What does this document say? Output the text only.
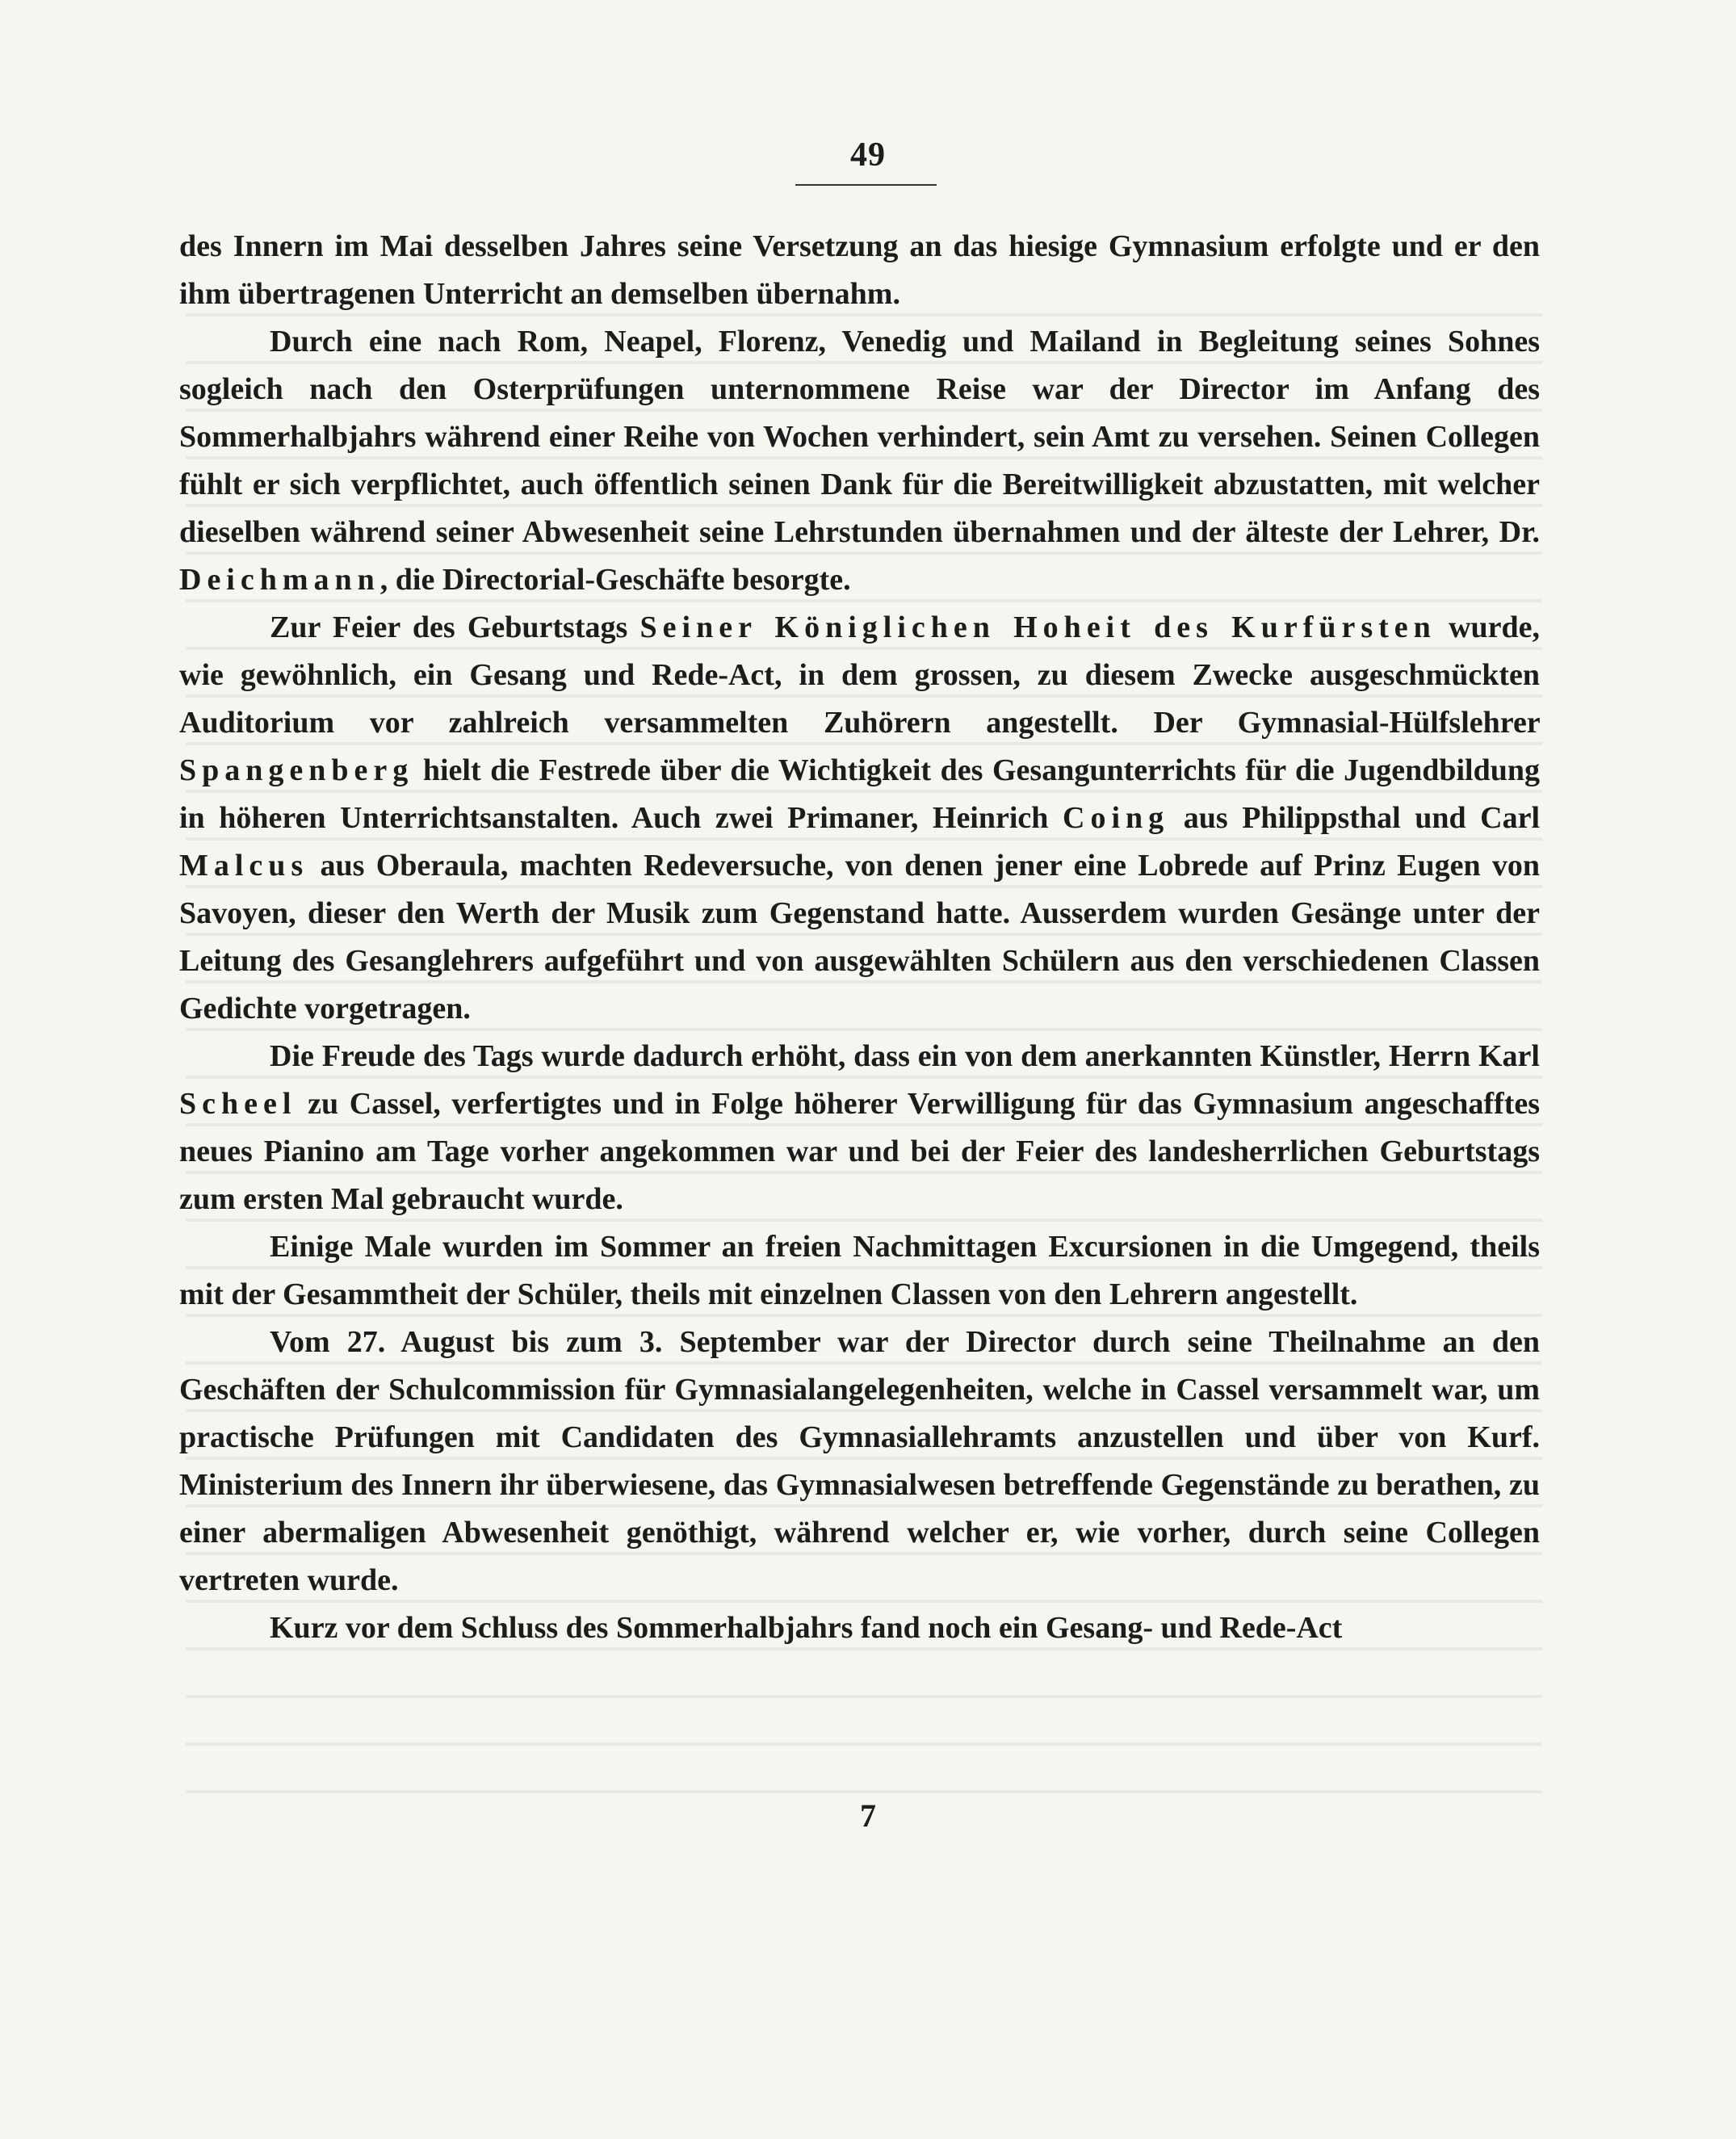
49

des Innern im Mai desselben Jahres seine Versetzung an das hiesige Gymnasium erfolgte und er den ihm übertragenen Unterricht an demselben übernahm.

Durch eine nach Rom, Neapel, Florenz, Venedig und Mailand in Begleitung seines Sohnes sogleich nach den Osterprüfungen unternommene Reise war der Director im Anfang des Sommerhalbjahrs während einer Reihe von Wochen verhindert, sein Amt zu versehen. Seinen Collegen fühlt er sich verpflichtet, auch öffentlich seinen Dank für die Bereitwilligkeit abzustatten, mit welcher dieselben während seiner Abwesenheit seine Lehrstunden übernahmen und der älteste der Lehrer, Dr. Deichmann, die Directorial-Geschäfte besorgte.

Zur Feier des Geburtstags Seiner Königlichen Hoheit des Kurfürsten wurde, wie gewöhnlich, ein Gesang und Rede-Act, in dem grossen, zu diesem Zwecke ausgeschmückten Auditorium vor zahlreich versammelten Zuhörern angestellt. Der Gymnasial-Hülfslehrer Spangenberg hielt die Festrede über die Wichtigkeit des Gesangunterrichts für die Jugendbildung in höheren Unterrichtsanstalten. Auch zwei Primaner, Heinrich Coing aus Philippsthal und Carl Malcus aus Oberaula, machten Redeversuche, von denen jener eine Lobrede auf Prinz Eugen von Savoyen, dieser den Werth der Musik zum Gegenstand hatte. Ausserdem wurden Gesänge unter der Leitung des Gesanglehrers aufgeführt und von ausgewählten Schülern aus den verschiedenen Classen Gedichte vorgetragen.

Die Freude des Tags wurde dadurch erhöht, dass ein von dem anerkannten Künstler, Herrn Karl Scheel zu Cassel, verfertigtes und in Folge höherer Verwilligung für das Gymnasium angeschafftes neues Pianino am Tage vorher angekommen war und bei der Feier des landesherrlichen Geburtstags zum ersten Mal gebraucht wurde.

Einige Male wurden im Sommer an freien Nachmittagen Excursionen in die Umgegend, theils mit der Gesammtheit der Schüler, theils mit einzelnen Classen von den Lehrern angestellt.

Vom 27. August bis zum 3. September war der Director durch seine Theilnahme an den Geschäften der Schulcommission für Gymnasialangelegenheiten, welche in Cassel versammelt war, um practische Prüfungen mit Candidaten des Gymnasiallehramts anzustellen und über von Kurf. Ministerium des Innern ihr überwiesene, das Gymnasialwesen betreffende Gegenstände zu berathen, zu einer abermaligen Abwesenheit genöthigt, während welcher er, wie vorher, durch seine Collegen vertreten wurde.

Kurz vor dem Schluss des Sommerhalbjahrs fand noch ein Gesang- und Rede-Act

7
